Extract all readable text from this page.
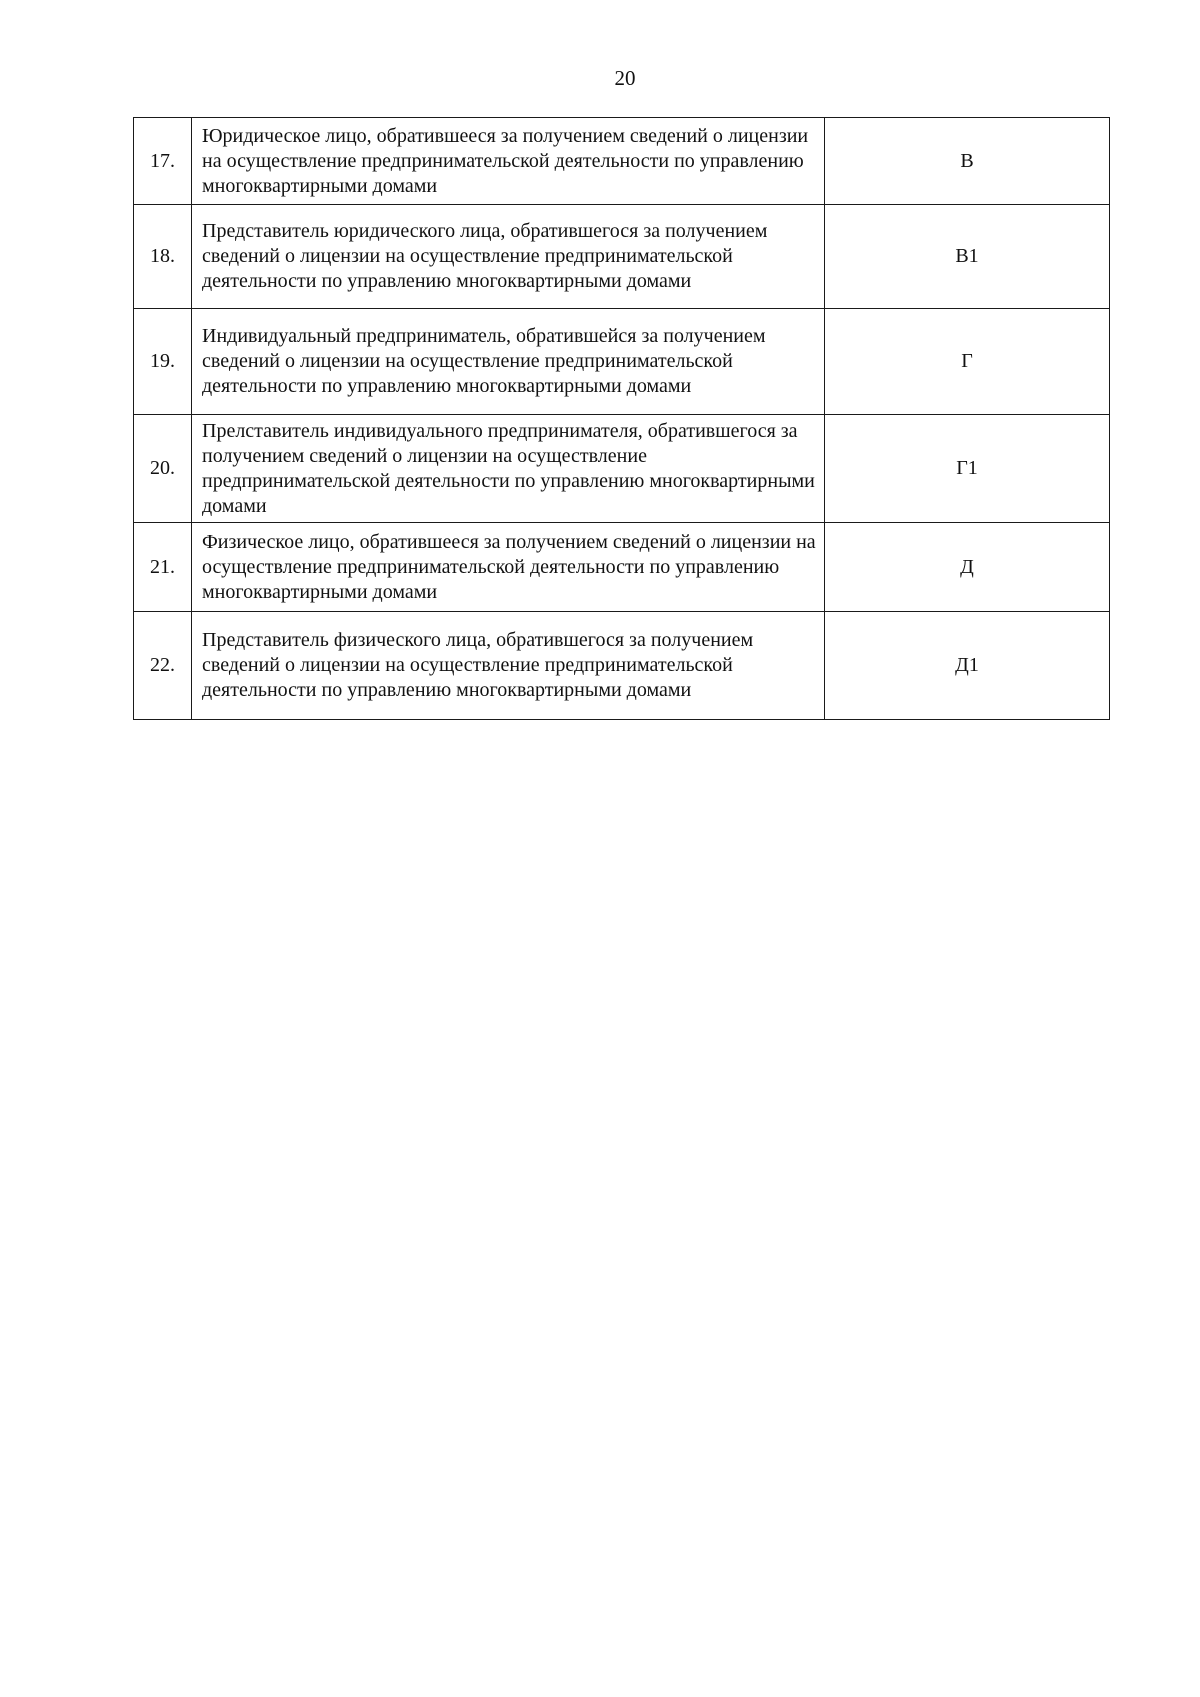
20
17.	Юридическое лицо, обратившееся за получением сведений о лицензии на осуществление предпринимательской деятельности по управлению многоквартирными домами	В
18.	Представитель юридического лица, обратившегося за получением сведений о лицензии на осуществление предпринимательской деятельности по управлению многоквартирными домами	В1
19.	Индивидуальный предприниматель, обратившейся за получением сведений о лицензии на осуществление предпринимательской деятельности по управлению многоквартирными домами	Г
20.	Прелставитель индивидуального предпринимателя, обратившегося за получением сведений о лицензии на осуществление предпринимательской деятельности по управлению многоквартирными домами	Г1
21.	Физическое лицо, обратившееся за получением сведений о лицензии на осуществление предпринимательской деятельности по управлению многоквартирными домами	Д
22.	Представитель физического лица, обратившегося за получением сведений о лицензии на осуществление предпринимательской деятельности по управлению многоквартирными домами	Д1
